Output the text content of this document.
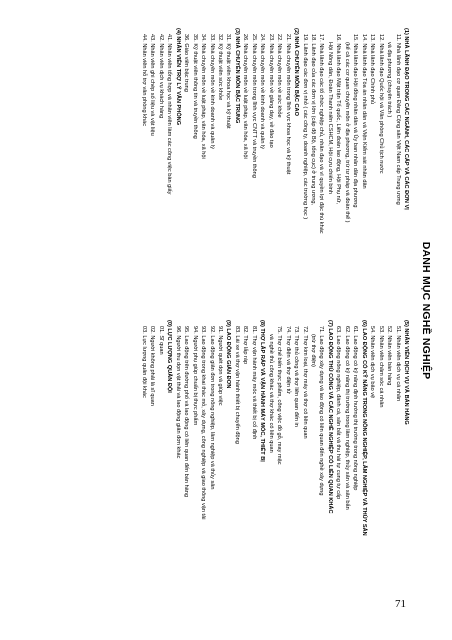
DANH MỤC NGHỀ NGHIỆP
(1) NHÀ LÃNH ĐẠO TRONG CÁC NGÀNH, CÁC CẤP VÀ CÁC ĐƠN VỊ
11. Nhà lãnh đạo cơ quan Đảng Cộng sản Việt Nam cấp Trung ương
và địa phương (chuyên trách )
12. Nhà lãnh đạo Quốc hội và Văn phòng Chủ tịch nước
13. Nhà lãnh đạo Chính phủ
14. Nhà lãnh đạo Tòa án nhân dân và Viện Kiểm sát nhân dân
15. Nhà lãnh đạo Hội đồng nhân dân và Ủy ban nhân dân địa phương
(kể cả các cơ quan chuyên môn ở địa phương, trừ tư pháp và đoàn thể )
16. Nhà lãnh đạo Mặt trận Tổ quốc, Liên đoàn lao động, Hội Phụ nữ,
Hội Nông dân, Đoàn Thanh niên CSHCM, Hội cựu chiến binh
17. Nhà lãnh đạo các tổ chức nghiệp chủ, nhân đạo và vì quyền lợi đặc thù khác
18. Lãnh đạo của các đơn vị lớn (cấp độ Bộ, tổng cục) ở trung ương,
19. Lãnh đạo các đơn vị nhỏ ( các công ty, doanh nghiệp, các trường học )
(2) NHÀ CHUYÊN MÔN BẬC CAO
21. Nhà chuyên môn trong lĩnh vực khoa học và kỹ thuật
22. Nhà chuyên môn về sức khỏe
23. Nhà chuyên môn về giảng dạy, về đào tạo
24. Nhà chuyên môn về kinh doanh và quản lý
25. Nhà chuyên môn trong lĩnh vực CNTT và truyền thông
26. Nhà chuyên môn về luật pháp, văn hóa, xã hội
(3) NHÀ CHUYÊN MÔN BẬC TRUNG
31. Kỹ thuật viên khoa học và kỹ thuật
32. Kỹ thuật viên sức khỏe
33. Nhà chuyên môn về kinh doanh và quản lý
34. Nhà chuyên môn về luật pháp, văn hóa, xã hội
35. Kỹ thuật viên thông tin và truyền thông
36. Giáo viên bậc trung
(4) NHÂN VIÊN TRỢ LÝ VĂN PHÒNG
41. Nhân viên tổng hợp và nhân viên làm các công việc bàn giấy
42. Nhân viên dịch vụ khách hàng
43. Nhân viên ghi chép số liệu và vật liệu
44. Nhân viên hỗ trợ văn phòng khác
(5) NHÂN VIÊN DỊCH VỤ VÀ BÁN HÀNG
51. Nhân viên dịch vụ cá nhân
52. Nhân viên bán hàng
53. Nhân viên chăm sóc cá nhân
54. Nhân viên dịch vụ bảo vệ
(6) LAO ĐỘNG CÓ KỸ NĂNG TRONG NÔNG NGHIỆP, LÂM NGHIỆP VÀ THỦY SẢN
61. Lao động có kỹ năng định hướng thị trường trong nông nghiệp
62. Lao động có kỹ năng thị trường trong lâm nghiệp, thủy sản và săn bắn
63. Lao động nông nghiệp, đánh cá, săn bắt và thu hái tự cung tự cấp
(7) LAO ĐỘNG THỦ CÔNG VÀ CÁC NGHỀ NGHIỆP CÓ LIÊN QUAN KHÁC
71. Lao động xây dựng và lao động có liên quan đến nghề xây dựng
(trừ thợ điện)
72. Thợ kim loại, thợ máy và thợ có liên quan
73. Thợ thủ công và thợ liên quan đến in
74. Thợ điện và thợ điện tử
75. Thợ chế biến thực phẩm, công việc đồ gỗ, may mặc
và nghề thủ công khác và thợ khác có liên quan
(8) THỢ LẮP RÁP VÀ VẬN HÀNH MÁY MÓC, THIẾT BỊ
81. Thợ vận hành máy móc và thiết bị cố định
82. Thợ lắp ráp
83. Lái xe và thợ vận hành thiết bị chuyển động
(9) LAO ĐỘNG GIẢN ĐƠN
91. Người quét dọn và giúp việc
92. Lao động giản đơn trong nông nghiệp, lâm nghiệp và thủy sản
93. Lao động trong khai thác mỏ, xây dựng, công nghiệp và giao thông vận tải
94. Người phụ giúp chuẩn bị thực phẩm
95. Lao động trên đường phố và lao động có liên quan đến bán hàng
96. Người thu dọn vật thải và lao động giản đơn khác
(0) LỰC LƯỢNG QUÂN ĐỘI
01. Sĩ quan
02. Người không phải là sĩ quan
03. Lực lượng quân đội khác
71
